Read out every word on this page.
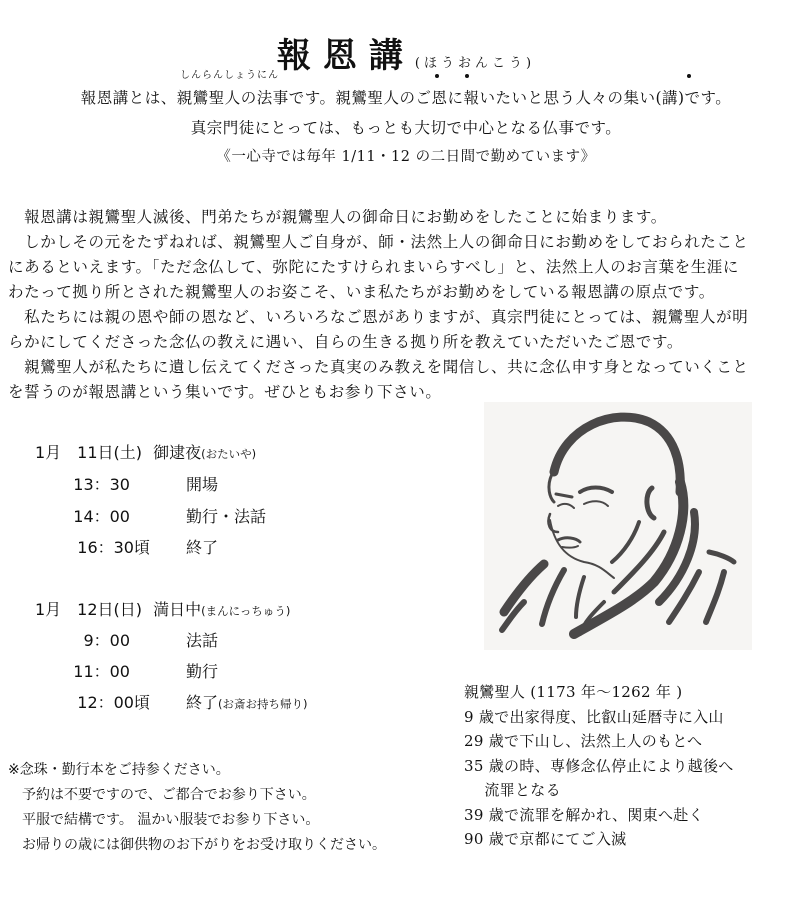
報恩講(ほうおんこう)
しんらんしょうにん
報恩講とは、親鸞聖人の法事です。親鸞聖人のご恩に報いたいと思う人々の集い(講)です。
真宗門徒にとっては、もっとも大切で中心となる仏事です。
《一心寺では毎年 1/11・12 の二日間で勤めています》

　報恩講は親鸞聖人滅後、門弟たちが親鸞聖人の御命日にお勤めをしたことに始まります。

　しかしその元をたずねれば、親鸞聖人ご自身が、師・法然上人の御命日にお勤めをしておられたこと

にあるといえます。「ただ念仏して、弥陀にたすけられまいらすべし」と、法然上人のお言葉を生涯に

わたって拠り所とされた親鸞聖人のお姿こそ、いま私たちがお勤めをしている報恩講の原点です。

　私たちには親の恩や師の恩など、いろいろなご恩がありますが、真宗門徒にとっては、親鸞聖人が明

らかにしてくださった念仏の教えに遇い、自らの生きる拠り所を教えていただいたご恩です。

　親鸞聖人が私たちに遺し伝えてくださった真実のみ教えを聞信し、共に念仏申す身となっていくこと

を誓うのが報恩講という集いです。ぜひともお参り下さい。

1月　11日(土) 御逮夜(おたいや)
13：30	開場
14：00	勤行・法話
16：30頃 終了
1月　12日(日) 満日中(まんにっちゅう)
9：00	法話
11：00	勤行
12：00頃 終了(お斎お持ち帰り)
※念珠・勤行本をご持参ください。
　予約は不要ですので、ご都合でお参り下さい。
　平服で結構です。 温かい服装でお参り下さい。
　お帰りの歳には御供物のお下がりをお受け取りください。
親鸞聖人 (1173 年～1262 年 )
9 歳で出家得度、比叡山延暦寺に入山
29 歳で下山し、法然上人のもとへ
35 歳の時、専修念仏停止により越後へ
　 流罪となる
39 歳で流罪を解かれ、関東へ赴く
90 歳で京都にてご入滅
